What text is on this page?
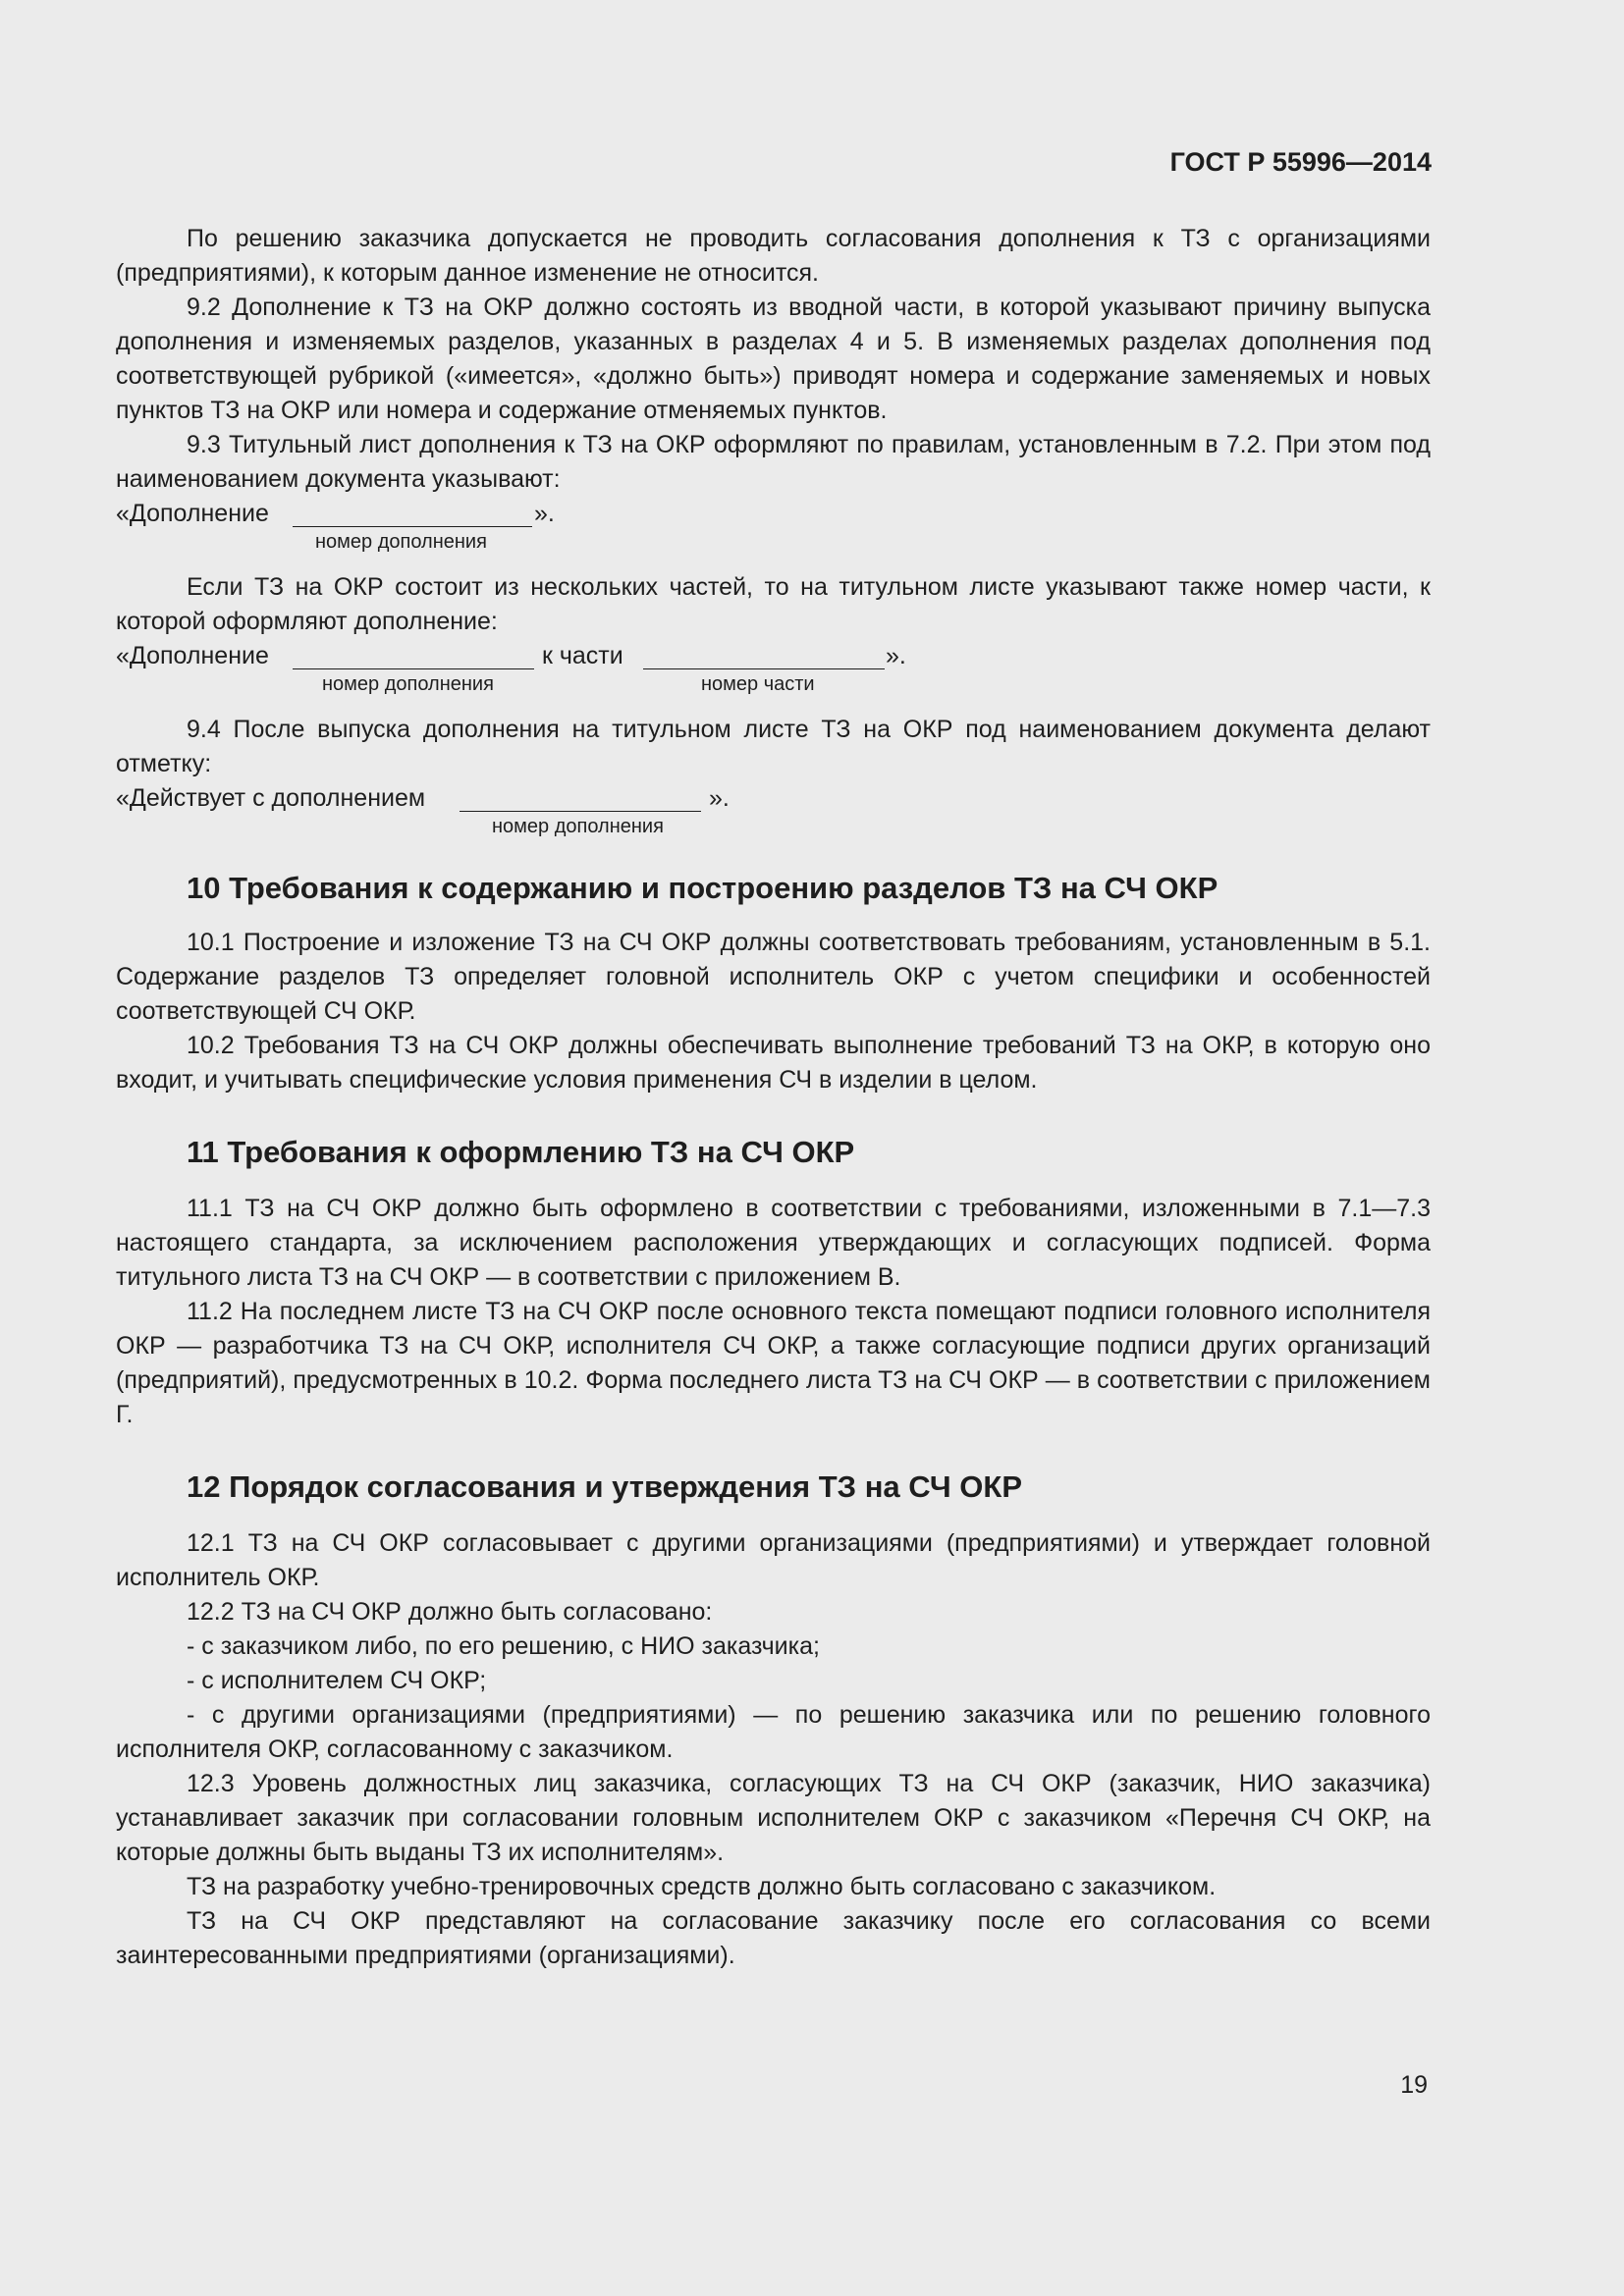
ГОСТ Р 55996—2014

По решению заказчика допускается не проводить согласования дополнения к ТЗ с организациями (предприятиями), к которым данное изменение не относится.

9.2 Дополнение к ТЗ на ОКР должно состоять из вводной части, в которой указывают причину выпуска дополнения и изменяемых разделов, указанных в разделах 4 и 5. В изменяемых разделах дополнения под соответствующей рубрикой («имеется», «должно быть») приводят номера и содержание заменяемых и новых пунктов ТЗ на ОКР или номера и содержание отменяемых пунктов.

9.3 Титульный лист дополнения к ТЗ на ОКР оформляют по правилам, установленным в 7.2. При этом под наименованием документа указывают:

«Дополнение	».
номер дополнения

Если ТЗ на ОКР состоит из нескольких частей, то на титульном листе указывают также номер части, к которой оформляют дополнение:

«Дополнение	к части	».
номер дополнения	номер части

9.4 После выпуска дополнения на титульном листе ТЗ на ОКР под наименованием документа делают отметку:

«Действует с дополнением	».
номер дополнения
10 Требования к содержанию и построению разделов ТЗ на СЧ ОКР

10.1 Построение и изложение ТЗ на СЧ ОКР должны соответствовать требованиям, установленным в 5.1. Содержание разделов ТЗ определяет головной исполнитель ОКР с учетом специфики и особенностей соответствующей СЧ ОКР.

10.2 Требования ТЗ на СЧ ОКР должны обеспечивать выполнение требований ТЗ на ОКР, в которую оно входит, и учитывать специфические условия применения СЧ в изделии в целом.

11 Требования к оформлению ТЗ на СЧ ОКР

11.1 ТЗ на СЧ ОКР должно быть оформлено в соответствии с требованиями, изложенными в 7.1—7.3 настоящего стандарта, за исключением расположения утверждающих и согласующих подписей. Форма титульного листа ТЗ на СЧ ОКР — в соответствии с приложением В.

11.2 На последнем листе ТЗ на СЧ ОКР после основного текста помещают подписи головного исполнителя ОКР — разработчика ТЗ на СЧ ОКР, исполнителя СЧ ОКР, а также согласующие подписи других организаций (предприятий), предусмотренных в 10.2. Форма последнего листа ТЗ на СЧ ОКР — в соответствии с приложением Г.

12 Порядок согласования и утверждения ТЗ на СЧ ОКР

12.1 ТЗ на СЧ ОКР согласовывает с другими организациями (предприятиями) и утверждает головной исполнитель ОКР.

12.2 ТЗ на СЧ ОКР должно быть согласовано:

- с заказчиком либо, по его решению, с НИО заказчика;

- с исполнителем СЧ ОКР;

- с другими организациями (предприятиями) — по решению заказчика или по решению головного исполнителя ОКР, согласованному с заказчиком.

12.3 Уровень должностных лиц заказчика, согласующих ТЗ на СЧ ОКР (заказчик, НИО заказчика) устанавливает заказчик при согласовании головным исполнителем ОКР с заказчиком «Перечня СЧ ОКР, на которые должны быть выданы ТЗ их исполнителям».

ТЗ на разработку учебно-тренировочных средств должно быть согласовано с заказчиком.

ТЗ на СЧ ОКР представляют на согласование заказчику после его согласования со всеми заинтересованными предприятиями (организациями).

19
